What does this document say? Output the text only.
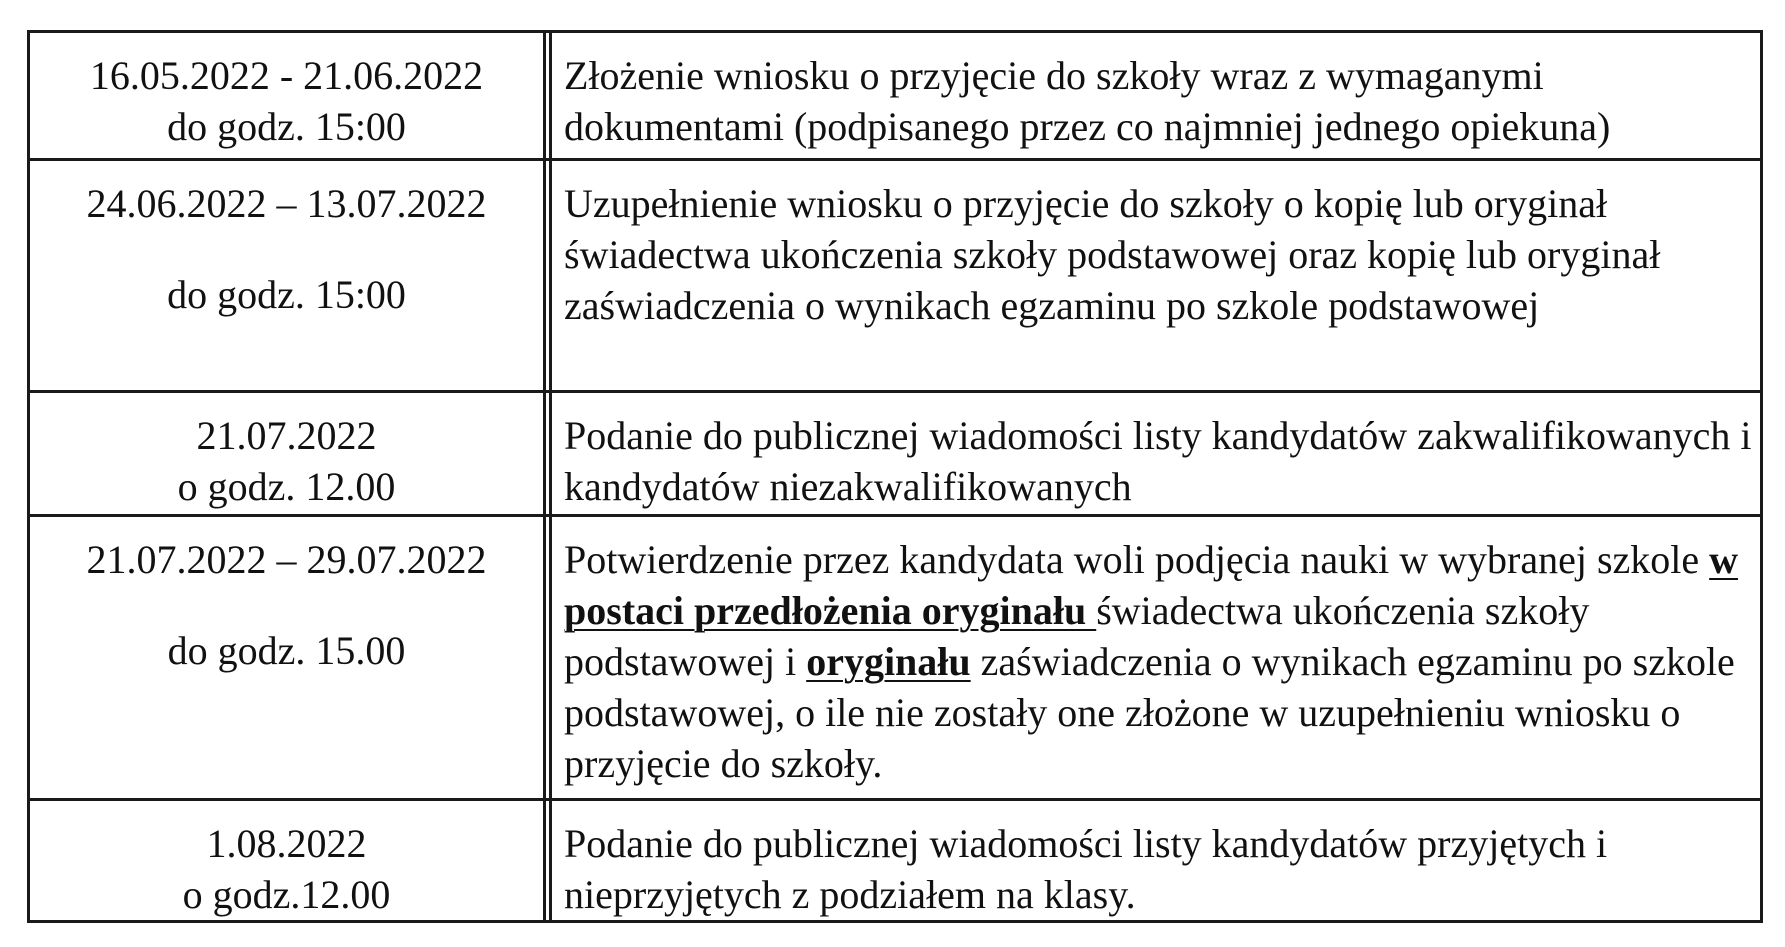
16.05.2022 - 21.06.2022
do godz. 15:00	Złożenie wniosku o przyjęcie do szkoły wraz z wymaganymi dokumentami (podpisanego przez co najmniej jednego opiekuna)

24.06.2022 – 13.07.2022
do godz. 15:00	Uzupełnienie wniosku o przyjęcie do szkoły o kopię lub oryginał świadectwa ukończenia szkoły podstawowej oraz kopię lub oryginał zaświadczenia o wynikach egzaminu po szkole podstawowej

21.07.2022
o godz. 12.00	Podanie do publicznej wiadomości listy kandydatów zakwalifikowanych i kandydatów niezakwalifikowanych

21.07.2022 – 29.07.2022
do godz. 15.00	Potwierdzenie przez kandydata woli podjęcia nauki w wybranej szkole w postaci przedłożenia oryginału świadectwa ukończenia szkoły podstawowej i oryginału zaświadczenia o wynikach egzaminu po szkole podstawowej, o ile nie zostały one złożone w uzupełnieniu wniosku o przyjęcie do szkoły.

1.08.2022
o godz.12.00	Podanie do publicznej wiadomości listy kandydatów przyjętych i nieprzyjętych z podziałem na klasy.
